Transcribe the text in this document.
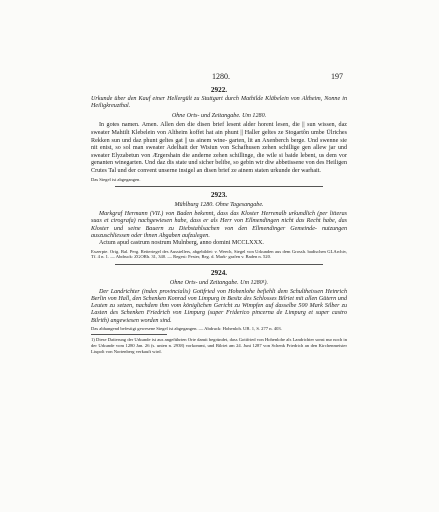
1280.	197

2922.

Urkunde über den Kauf einer Hellergült zu Stuttgart durch Mathilde Kläbelein von Altheim, Nonne in Heiligkreuzthal.

Ohne Orts- und Zeitangabe. Um 1280.

In gotes namen. Amen. Allen den die disen brief lesent alder horent lesen, die || sun wissen, daz sweater Mahtilt Klebelein von Altheim koffet hat ain phunt || Haller geltes ze Stogartôn umbe Ülriches Rekken sun und daz phunt geltes gat || us ainem wine- garten, lit an Axenberch berge. Und swenne sie nit enist, so sol man sweater Adelhait der Wisiun von Schafhusen zehen schillige gen allew jar und sweater Elyzabetun von Ærgershain die anderne zehen schillinge, die wile si baide lebent, us dem vor genanten winegarten. Und daz dis state und sicher belibe, so gebin wir diw abbetissene von des Heiligen Crutes Tal und der convent unserne insigel an disen brief ze ainem staten urkunde der warhait.

Das Siegel ist abgegangen.

2923.

Mühlburg 1280. Ohne Tagesangabe.

Markgraf Hermann (VII.) von Baden bekennt, dass das Kloster Herrenalb urkundlich (per litteras suas et cirografa) nachgewiesen habe, dass er als Herr von Ellmendingen nicht das Recht habe, das Kloster und seine Bauern zu Diebstahlsachen von den Ellmendinger Gemeinde- nutzungen auszuschliessen oder ihnen Abgaben aufzulegen.

Actum apud castrum nostrum Mulnberg, anno domini MCCLXXX.

Exzerpte. Orig. Bal. Perg. Reiteriegel des Ausstellers, abgebildet: v. Weech, Siegel von Urkunden aus dem Grossh. badischen GLArchiv, Tf. 4 n. 1. — Abdruck: ZGORh. 31, 340. — Regest: Fester, Reg. d. Mark- grafen v. Baden n. 520.

2924.

Ohne Orts- und Zeitangabe. Um 1280¹).

Der Landrichter (index provincialis) Gottfried von Hohenlohe befiehlt dem Schultheissen Heinrich Berlin von Hall, den Schenken Konrad von Limpurg in Besitz des Schlosses Bilriet mit allen Gütern und Leuten zu setzen, nachdem ihm vom königlichen Gericht zu Wimpfen auf dasselbe 500 Mark Silber zu Lasten des Schenken Friedrich von Limpurg (super Friderico pincerna de Limpurg et super castro Bilrith) angewiesen worden sind.

Das abhangend befestigt gewesene Siegel ist abgegangen. — Abdruck: Hohenloh. UB. 1, S. 277 n. 403.

1) Diese Datierung der Urkunde ist aus angeführten Orte damit begründet, dass Gottfried von Hohenlohe als Landrichter sonst nur noch in der Urkunde vom 1280 Jan. 26 (s. unten n. 2938) vorkommt, und Bilriet am 24. Juni 1287 von Schenk Friedrich an den Kirchenmeister Liupolt von Nortenberg verkauft wird.
